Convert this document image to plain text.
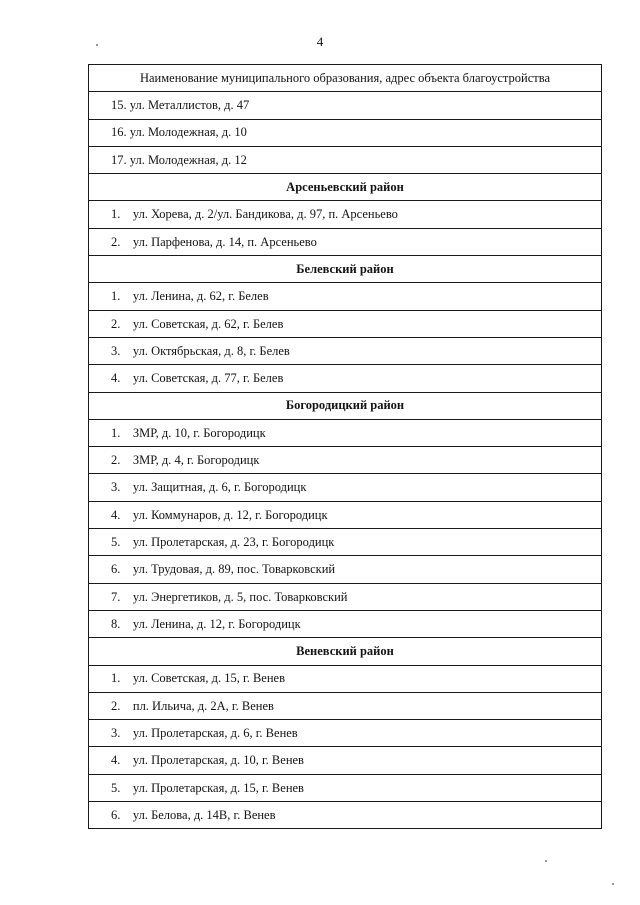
4
Наименование муниципального образования, адрес объекта благоустройства
15. ул. Металлистов, д. 47
16. ул. Молодежная, д. 10
17. ул. Молодежная, д. 12
Арсеньевский район
1.    ул. Хорева, д. 2/ул. Бандикова, д. 97, п. Арсеньево
2.    ул. Парфенова, д. 14, п. Арсеньево
Белевский район
1.    ул. Ленина, д. 62, г. Белев
2.    ул. Советская, д. 62, г. Белев
3.    ул. Октябрьская, д. 8, г. Белев
4.    ул. Советская, д. 77, г. Белев
Богородицкий район
1.    ЗМР, д. 10, г. Богородицк
2.    ЗМР, д. 4, г. Богородицк
3.    ул. Защитная, д. 6, г. Богородицк
4.    ул. Коммунаров, д. 12, г. Богородицк
5.    ул. Пролетарская, д. 23, г. Богородицк
6.    ул. Трудовая, д. 89, пос. Товарковский
7.    ул. Энергетиков, д. 5, пос. Товарковский
8.    ул. Ленина, д. 12, г. Богородицк
Веневский район
1.    ул. Советская, д. 15, г. Венев
2.    пл. Ильича, д. 2А, г. Венев
3.    ул. Пролетарская, д. 6, г. Венев
4.    ул. Пролетарская, д. 10, г. Венев
5.    ул. Пролетарская, д. 15, г. Венев
6.    ул. Белова, д. 14В, г. Венев
